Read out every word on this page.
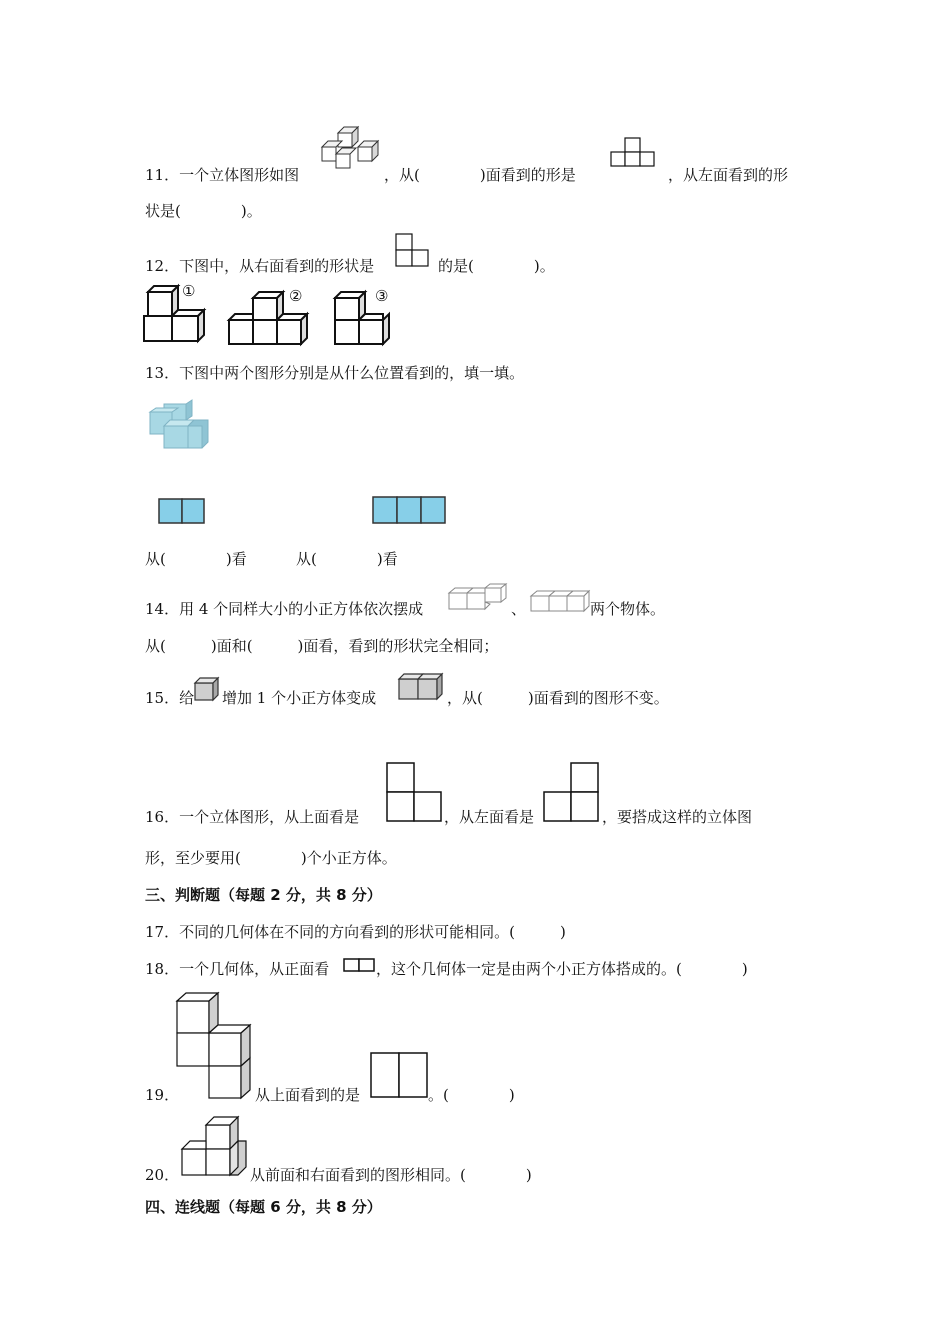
11．一个立体图形如图	，从(　　　　)面看到的形是	，从左面看到的形
状是(　　　　)。
12．下图中，从右面看到的形状是	的是(　　　　)。
①	②	③
13．下图中两个图形分别是从什么位置看到的，填一填。
从(　　　　)看	从(　　　　)看
14．用 4 个同样大小的小正方体依次摆成	、	两个物体。
从(　　　)面和(　　　)面看，看到的形状完全相同；
15．给 增加 1 个小正方体变成	，从(　　　)面看到的图形不变。
16．一个立体图形，从上面看是	，从左面看是	，要搭成这样的立体图
形，至少要用(　　　　)个小正方体。
三、判断题（每题 2 分，共 8 分）
17．不同的几何体在不同的方向看到的形状可能相同。(　　　)
18．一个几何体，从正面看	，这个几何体一定是由两个小正方体搭成的。(　　　　)
19．	从上面看到的是	。(　　　　)
20．	从前面和右面看到的图形相同。(　　　　)
四、连线题（每题 6 分，共 8 分）
